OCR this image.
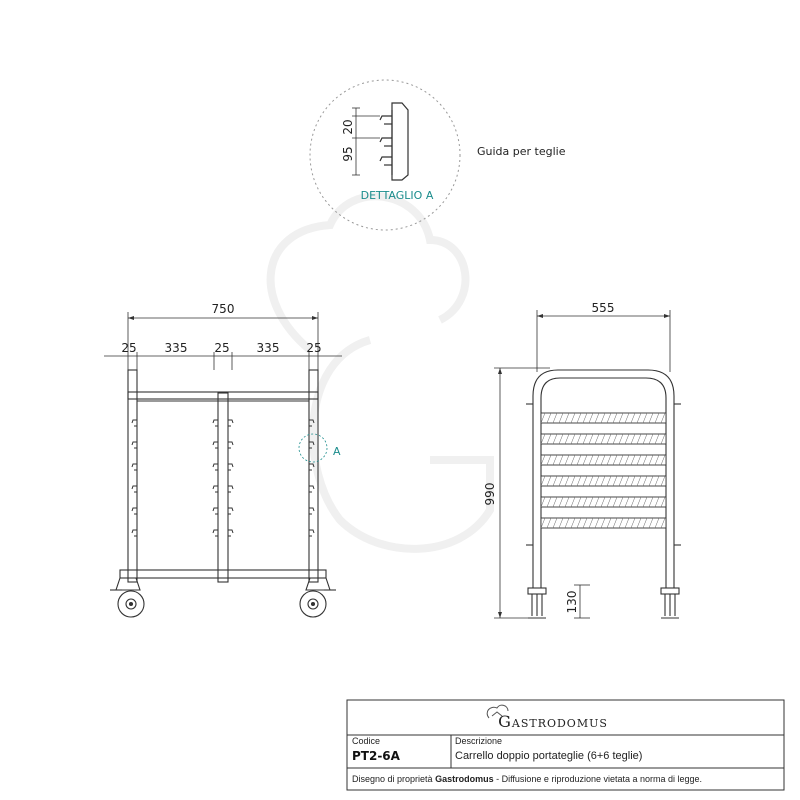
20
95
DETTAGLIO A
Guida per teglie
750
25 335 25 335 25
A
555
990
130
Gastrodomus
Codice
PT2-6A
Descrizione
Carrello doppio portateglie (6+6 teglie)
Disegno di proprietà Gastrodomus - Diffusione e riproduzione vietata a norma di legge.
